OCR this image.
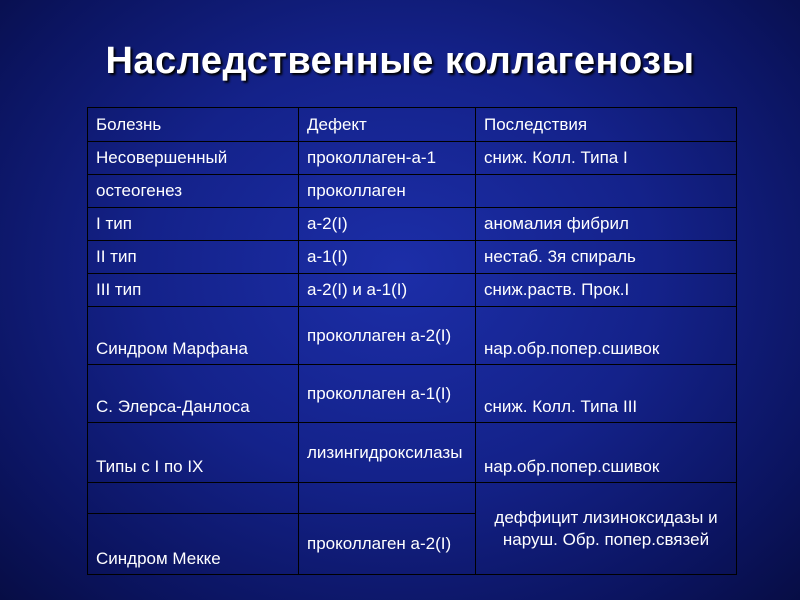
Наследственные коллагенозы
Болезнь	Дефект	Последствия
Несовершенный	проколлаген-а-1	сниж. Колл. Типа I
остеогенез	проколлаген	
I тип	а-2(I)	аномалия фибрил
II тип	а-1(I)	нестаб. 3я спираль
III тип	а-2(I) и а-1(I)	сниж.раств. Прок.I
Синдром Марфана	проколлаген а-2(I)	нар.обр.попер.сшивок
С. Элерса-Данлоса	проколлаген а-1(I)	сниж. Колл. Типа III
Типы с I по IX	лизингидроксилазы	нар.обр.попер.сшивок
		деффицит лизиноксидазы и наруш. Обр. попер.связей
Синдром Мекке	проколлаген а-2(I)	
